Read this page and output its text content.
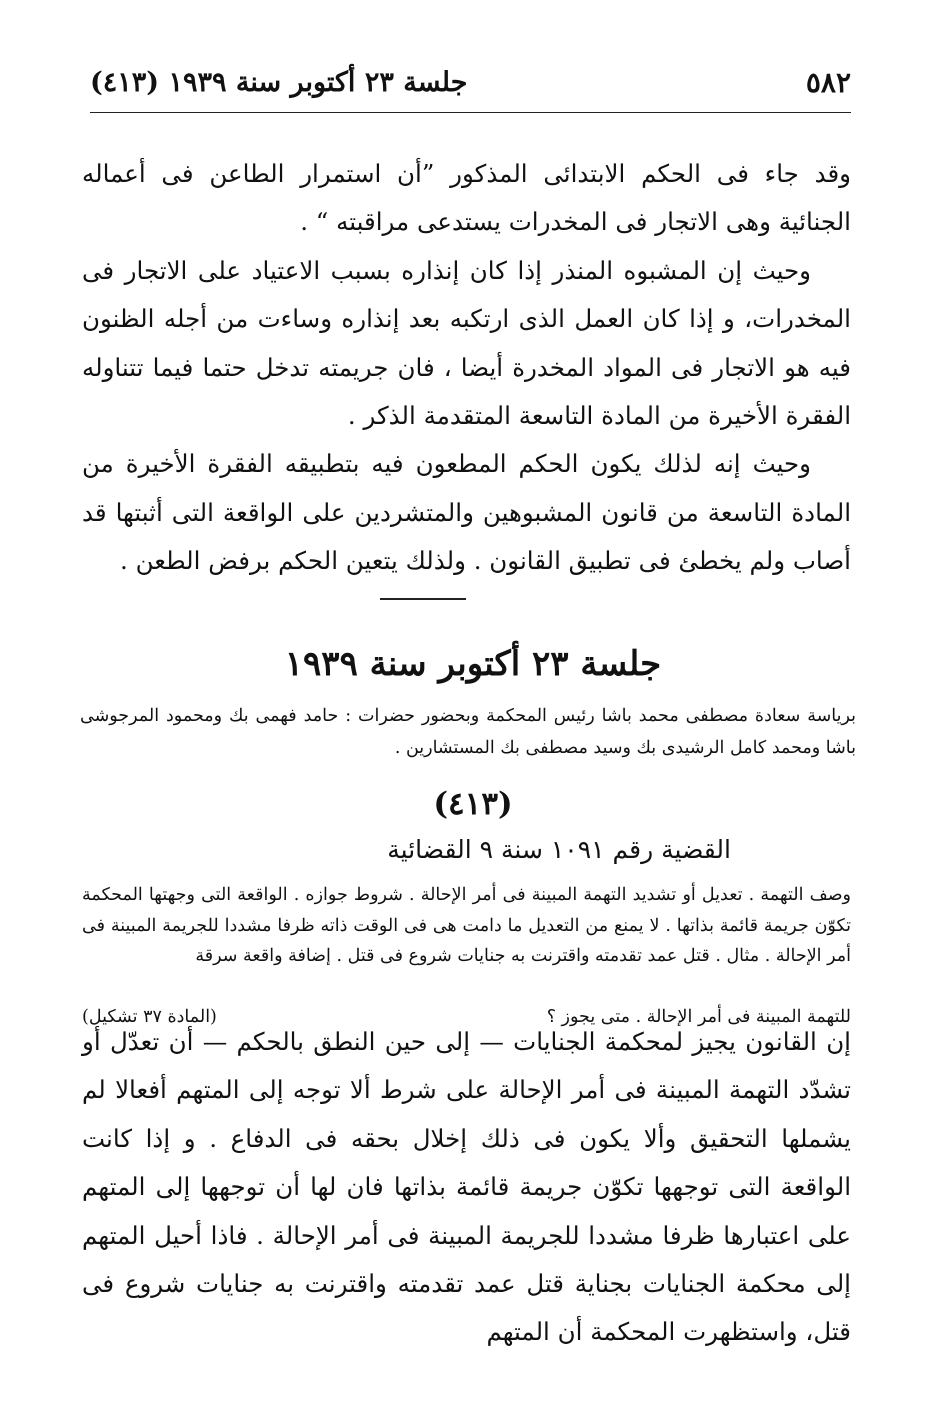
٥٨٢
جلسة ٢٣ أكتوبر سنة ١٩٣٩ (٤١٣)

وقد جاء فى الحكم الابتدائى المذكور ”أن استمرار الطاعن فى أعماله الجنائية وهى الاتجار فى المخدرات يستدعى مراقبته “ .

وحيث إن المشبوه المنذر إذا كان إنذاره بسبب الاعتياد على الاتجار فى المخدرات، و إذا كان العمل الذى ارتكبه بعد إنذاره وساءت من أجله الظنون فيه هو الاتجار فى المواد المخدرة أيضا ، فان جريمته تدخل حتما فيما تتناوله الفقرة الأخيرة من المادة التاسعة المتقدمة الذكر .

وحيث إنه لذلك يكون الحكم المطعون فيه بتطبيقه الفقرة الأخيرة من المادة التاسعة من قانون المشبوهين والمتشردين على الواقعة التى أثبتها قد أصاب ولم يخطئ فى تطبيق القانون . ولذلك يتعين الحكم برفض الطعن .

جلسة ٢٣ أكتوبر سنة ١٩٣٩

برياسة سعادة مصطفى محمد باشا رئيس المحكمة وبحضور حضرات : حامد فهمى بك ومحمود المرجوشى باشا ومحمد كامل الرشيدى بك وسيد مصطفى بك المستشارين .

(٤١٣)
القضية رقم ١٠٩١ سنة ٩ القضائية

وصف التهمة . تعديل أو تشديد التهمة المبينة فى أمر الإحالة . شروط جوازه . الواقعة التى وجهتها المحكمة تكوّن جريمة قائمة بذاتها . لا يمنع من التعديل ما دامت هى فى الوقت ذاته ظرفا مشددا للجريمة المبينة فى أمر الإحالة . مثال . قتل عمد تقدمته واقترنت به جنايات شروع فى قتل . إضافة واقعة سرقة

للتهمة المبينة فى أمر الإحالة . متى يجوز ؟
(المادة ٣٧ تشكيل)

إن القانون يجيز لمحكمة الجنايات — إلى حين النطق بالحكم — أن تعدّل أو تشدّد التهمة المبينة فى أمر الإحالة على شرط ألا توجه إلى المتهم أفعالا لم يشملها التحقيق وألا يكون فى ذلك إخلال بحقه فى الدفاع . و إذا كانت الواقعة التى توجهها تكوّن جريمة قائمة بذاتها فان لها أن توجهها إلى المتهم على اعتبارها ظرفا مشددا للجريمة المبينة فى أمر الإحالة . فاذا أحيل المتهم إلى محكمة الجنايات بجناية قتل عمد تقدمته واقترنت به جنايات شروع فى قتل، واستظهرت المحكمة أن المتهم
